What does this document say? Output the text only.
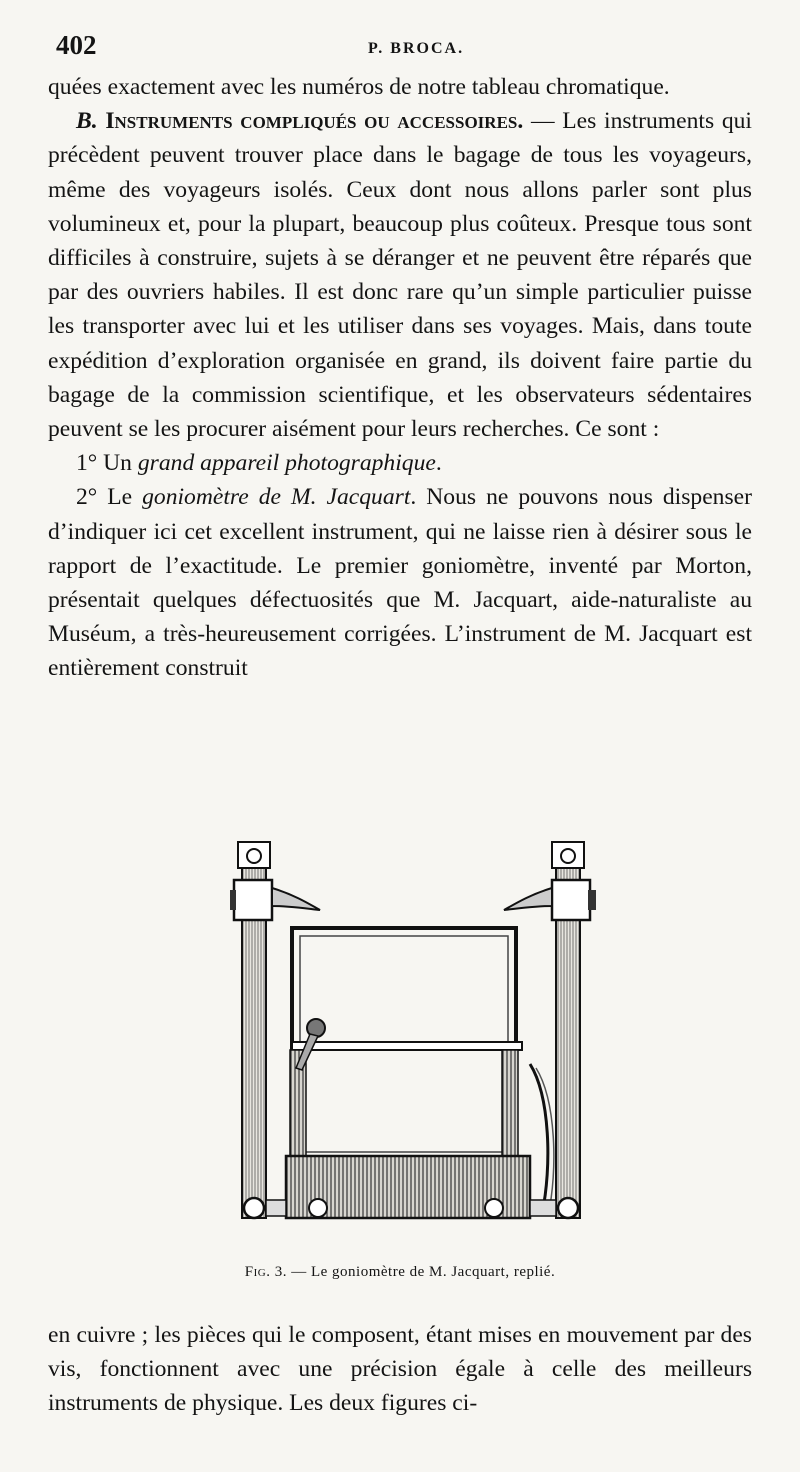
402	P. BROCA.

quées exactement avec les numéros de notre tableau chromatique.

B. Instruments compliqués ou accessoires. — Les instruments qui précèdent peuvent trouver place dans le bagage de tous les voyageurs, même des voyageurs isolés. Ceux dont nous allons parler sont plus volumineux et, pour la plupart, beaucoup plus coûteux. Presque tous sont difficiles à construire, sujets à se déranger et ne peuvent être réparés que par des ouvriers habiles. Il est donc rare qu’un simple particulier puisse les transporter avec lui et les utiliser dans ses voyages. Mais, dans toute expédition d’exploration organisée en grand, ils doivent faire partie du bagage de la commission scientifique, et les observateurs sédentaires peuvent se les procurer aisément pour leurs recherches. Ce sont :

1° Un grand appareil photographique.

2° Le goniomètre de M. Jacquart. Nous ne pouvons nous dispenser d’indiquer ici cet excellent instrument, qui ne laisse rien à désirer sous le rapport de l’exactitude. Le premier goniomètre, inventé par Morton, présentait quelques défectuosités que M. Jacquart, aide-naturaliste au Muséum, a très-heureusement corrigées. L’instrument de M. Jacquart est entièrement construit

Fig. 3. — Le goniomètre de M. Jacquart, replié.

en cuivre ; les pièces qui le composent, étant mises en mouvement par des vis, fonctionnent avec une précision égale à celle des meilleurs instruments de physique. Les deux figures ci-
